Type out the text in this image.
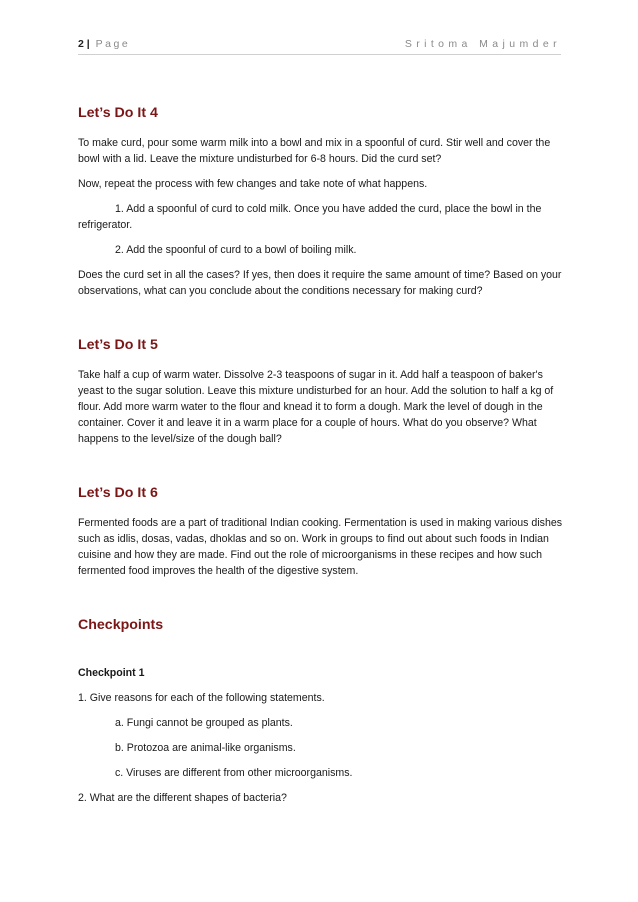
2 | Page	Sritoma Majumder
Let’s Do It 4

To make curd, pour some warm milk into a bowl and mix in a spoonful of curd. Stir well and cover the bowl with a lid. Leave the mixture undisturbed for 6-8 hours. Did the curd set?

Now, repeat the process with few changes and take note of what happens.

1. Add a spoonful of curd to cold milk. Once you have added the curd, place the bowl in the

refrigerator.

2. Add the spoonful of curd to a bowl of boiling milk.

Does the curd set in all the cases? If yes, then does it require the same amount of time? Based on your observations, what can you conclude about the conditions necessary for making curd?

Let’s Do It 5

Take half a cup of warm water. Dissolve 2-3 teaspoons of sugar in it. Add half a teaspoon of baker's yeast to the sugar solution. Leave this mixture undisturbed for an hour. Add the solution to half a kg of flour. Add more warm water to the flour and knead it to form a dough. Mark the level of dough in the container. Cover it and leave it in a warm place for a couple of hours. What do you observe? What happens to the level/size of the dough ball?

Let’s Do It 6

Fermented foods are a part of traditional Indian cooking. Fermentation is used in making various dishes such as idlis, dosas, vadas, dhoklas and so on. Work in groups to find out about such foods in Indian cuisine and how they are made. Find out the role of microorganisms in these recipes and how such fermented food improves the health of the digestive system.

Checkpoints

Checkpoint 1

1. Give reasons for each of the following statements.

a. Fungi cannot be grouped as plants.

b. Protozoa are animal-like organisms.

c. Viruses are different from other microorganisms.

2. What are the different shapes of bacteria?
